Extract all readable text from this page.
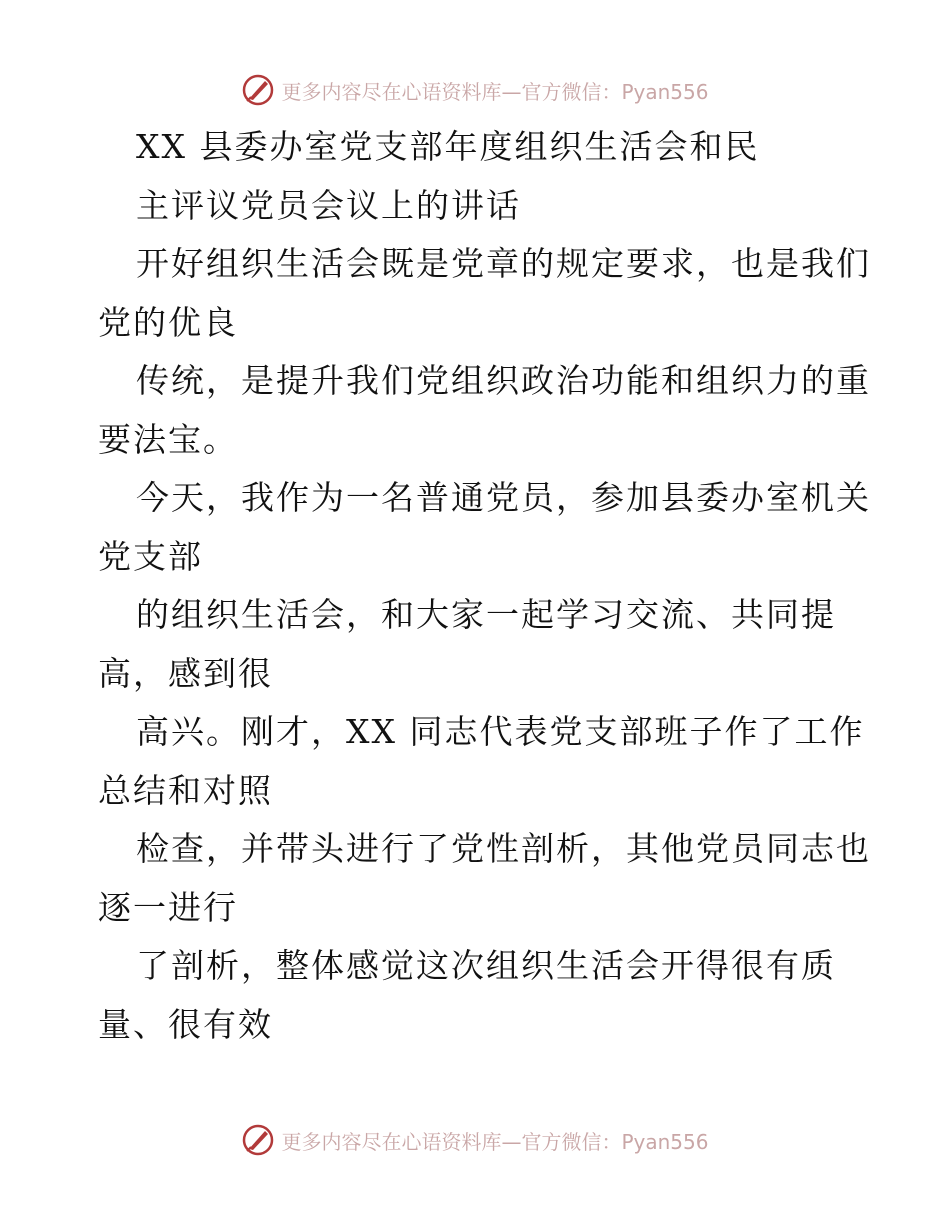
更多内容尽在心语资料库—官方微信：Pyan556
XX 县委办室党支部年度组织生活会和民
主评议党员会议上的讲话
开好组织生活会既是党章的规定要求，也是我们
党的优良
传统，是提升我们党组织政治功能和组织力的重
要法宝。
今天，我作为一名普通党员，参加县委办室机关
党支部
的组织生活会，和大家一起学习交流、共同提
高，感到很
高兴。刚才，XX 同志代表党支部班子作了工作
总结和对照
检查，并带头进行了党性剖析，其他党员同志也
逐一进行
了剖析，整体感觉这次组织生活会开得很有质
量、很有效
更多内容尽在心语资料库—官方微信：Pyan556
